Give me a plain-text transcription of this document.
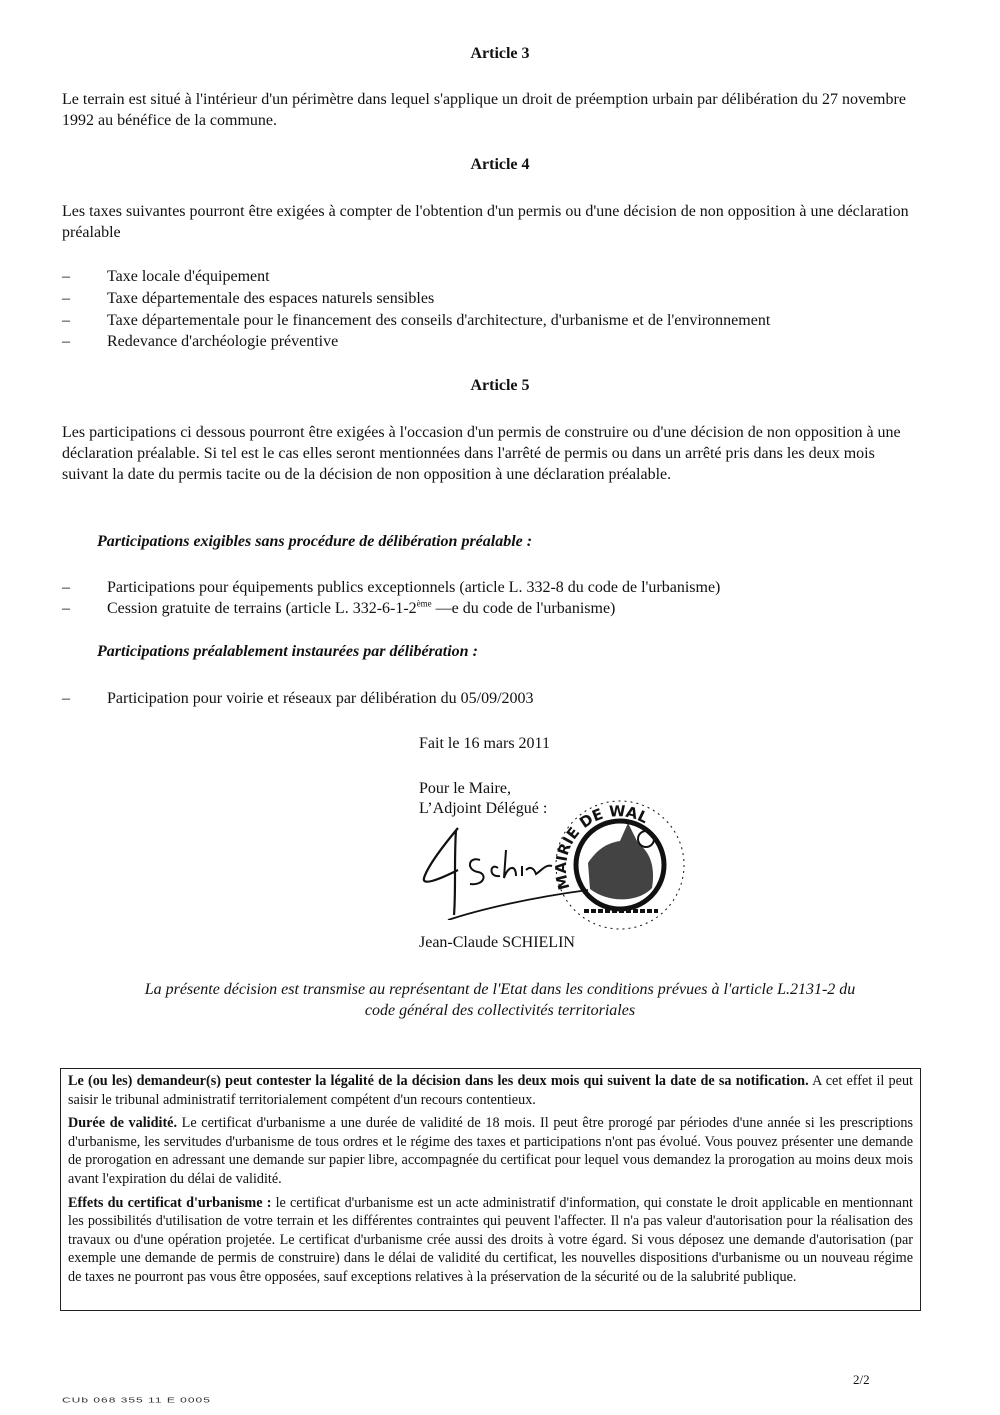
Article 3
Le terrain est situé à l'intérieur d'un périmètre dans lequel s'applique un droit de préemption urbain par délibération du 27 novembre 1992 au bénéfice de la commune.
Article 4
Les taxes suivantes pourront être exigées à compter de l'obtention d'un permis ou d'une décision de non opposition à une déclaration préalable
– Taxe locale d'équipement
– Taxe départementale des espaces naturels sensibles
– Taxe départementale pour le financement des conseils d'architecture, d'urbanisme et de l'environnement
– Redevance d'archéologie préventive
Article 5
Les participations ci dessous pourront être exigées à l'occasion d'un permis de construire ou d'une décision de non opposition à une déclaration préalable. Si tel est le cas elles seront mentionnées dans l'arrêté de permis ou dans un arrêté pris dans les deux mois suivant la date du permis tacite ou de la décision de non opposition à une déclaration préalable.
Participations exigibles sans procédure de délibération préalable :
– Participations pour équipements publics exceptionnels (article L. 332-8 du code de l'urbanisme)
– Cession gratuite de terrains (article L. 332-6-1-2ème —e du code de l'urbanisme)
Participations préalablement instaurées par délibération :
– Participation pour voirie et réseaux par délibération du 05/09/2003
Fait le 16 mars 2011
Pour le Maire,
L’Adjoint Délégué :
MAIRIE DE WAL
Jean-Claude SCHIELIN
La présente décision est transmise au représentant de l'Etat dans les conditions prévues à l'article L.2131-2 du
code général des collectivités territoriales

Le (ou les) demandeur(s) peut contester la légalité de la décision dans les deux mois qui suivent la date de sa notification. A cet effet il peut saisir le tribunal administratif territorialement compétent d'un recours contentieux.

Durée de validité. Le certificat d'urbanisme a une durée de validité de 18 mois. Il peut être prorogé par périodes d'une année si les prescriptions d'urbanisme, les servitudes d'urbanisme de tous ordres et le régime des taxes et participations n'ont pas évolué. Vous pouvez présenter une demande de prorogation en adressant une demande sur papier libre, accompagnée du certificat pour lequel vous demandez la prorogation au moins deux mois avant l'expiration du délai de validité.

Effets du certificat d'urbanisme : le certificat d'urbanisme est un acte administratif d'information, qui constate le droit applicable en mentionnant les possibilités d'utilisation de votre terrain et les différentes contraintes qui peuvent l'affecter. Il n'a pas valeur d'autorisation pour la réalisation des travaux ou d'une opération projetée. Le certificat d'urbanisme crée aussi des droits à votre égard. Si vous déposez une demande d'autorisation (par exemple une demande de permis de construire) dans le délai de validité du certificat, les nouvelles dispositions d'urbanisme ou un nouveau régime de taxes ne pourront pas vous être opposées, sauf exceptions relatives à la préservation de la sécurité ou de la salubrité publique.

2/2
CUb 068 355 11 E 0005
